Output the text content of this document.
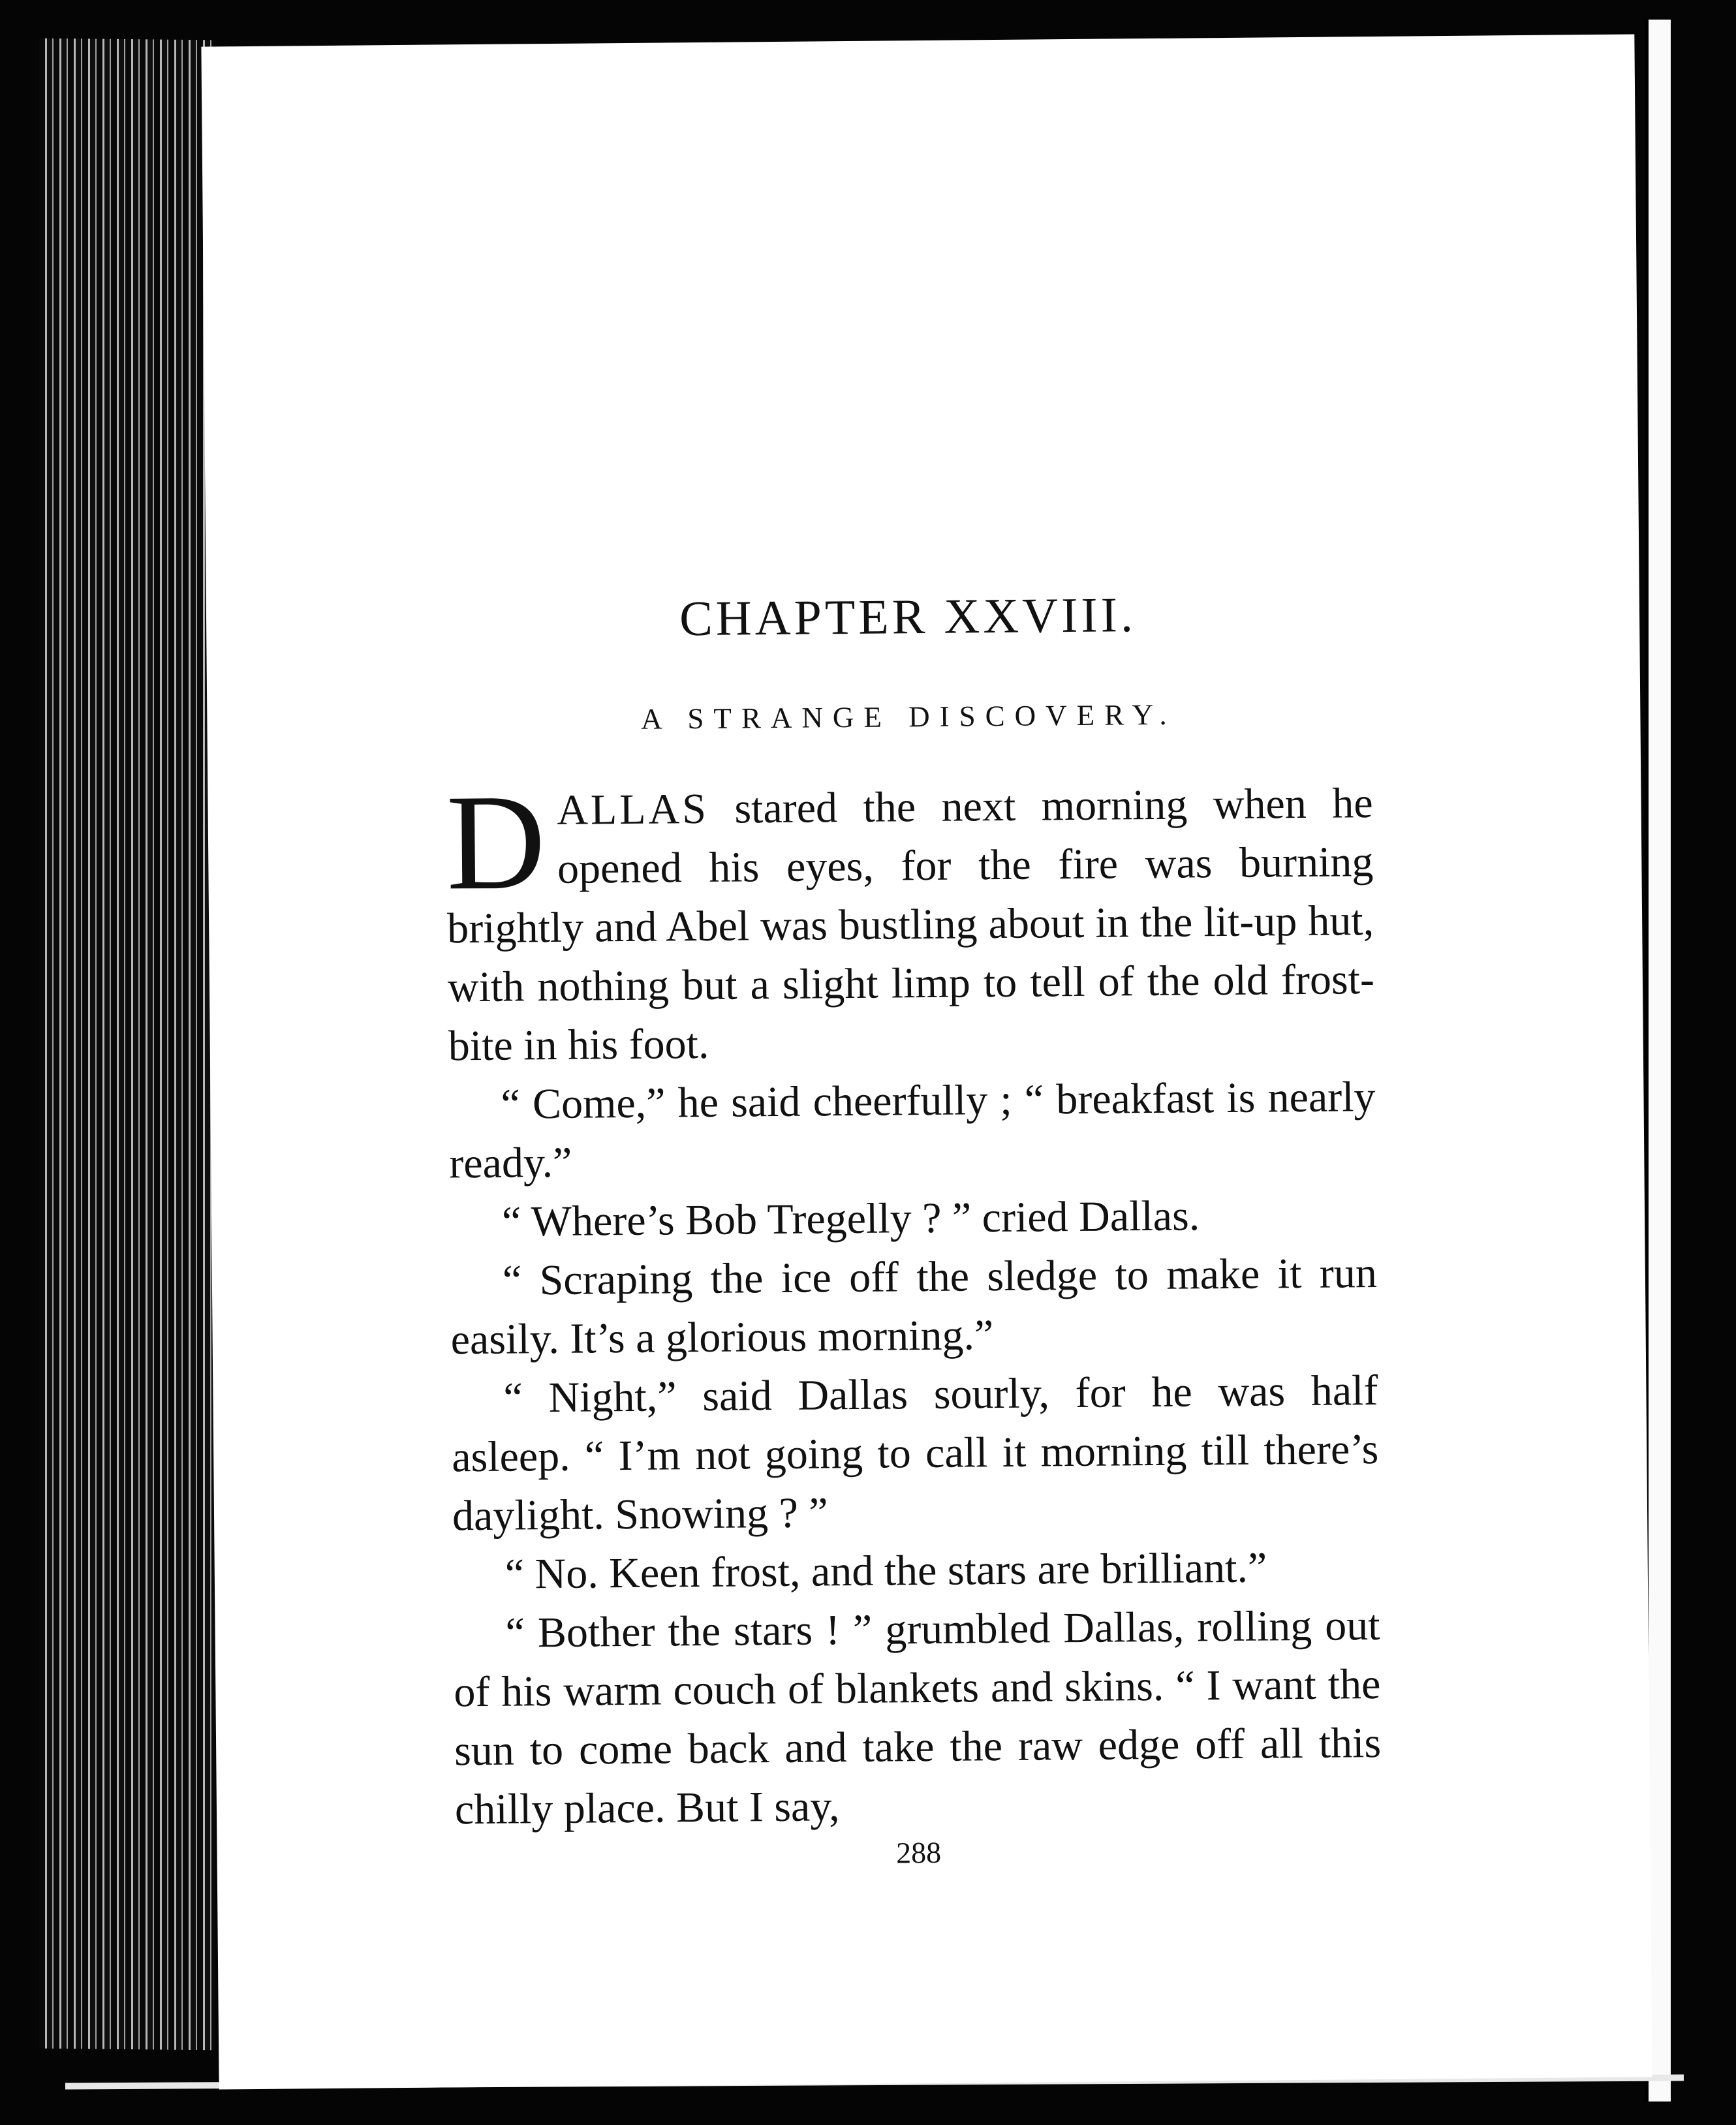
CHAPTER XXVIII.
A STRANGE DISCOVERY.

DALLAS stared the next morning when he opened his eyes, for the fire was burning brightly and Abel was bustling about in the lit-up hut, with nothing but a slight limp to tell of the old frost-bite in his foot.

“ Come,” he said cheerfully ; “ breakfast is nearly ready.”

“ Where’s Bob Tregelly ? ” cried Dallas.

“ Scraping the ice off the sledge to make it run easily. It’s a glorious morning.”

“ Night,” said Dallas sourly, for he was half asleep. “ I’m not going to call it morning till there’s daylight. Snowing ? ”

“ No. Keen frost, and the stars are brilliant.”

“ Bother the stars ! ” grumbled Dallas, rolling out of his warm couch of blankets and skins. “ I want the sun to come back and take the raw edge off all this chilly place. But I say,

288
